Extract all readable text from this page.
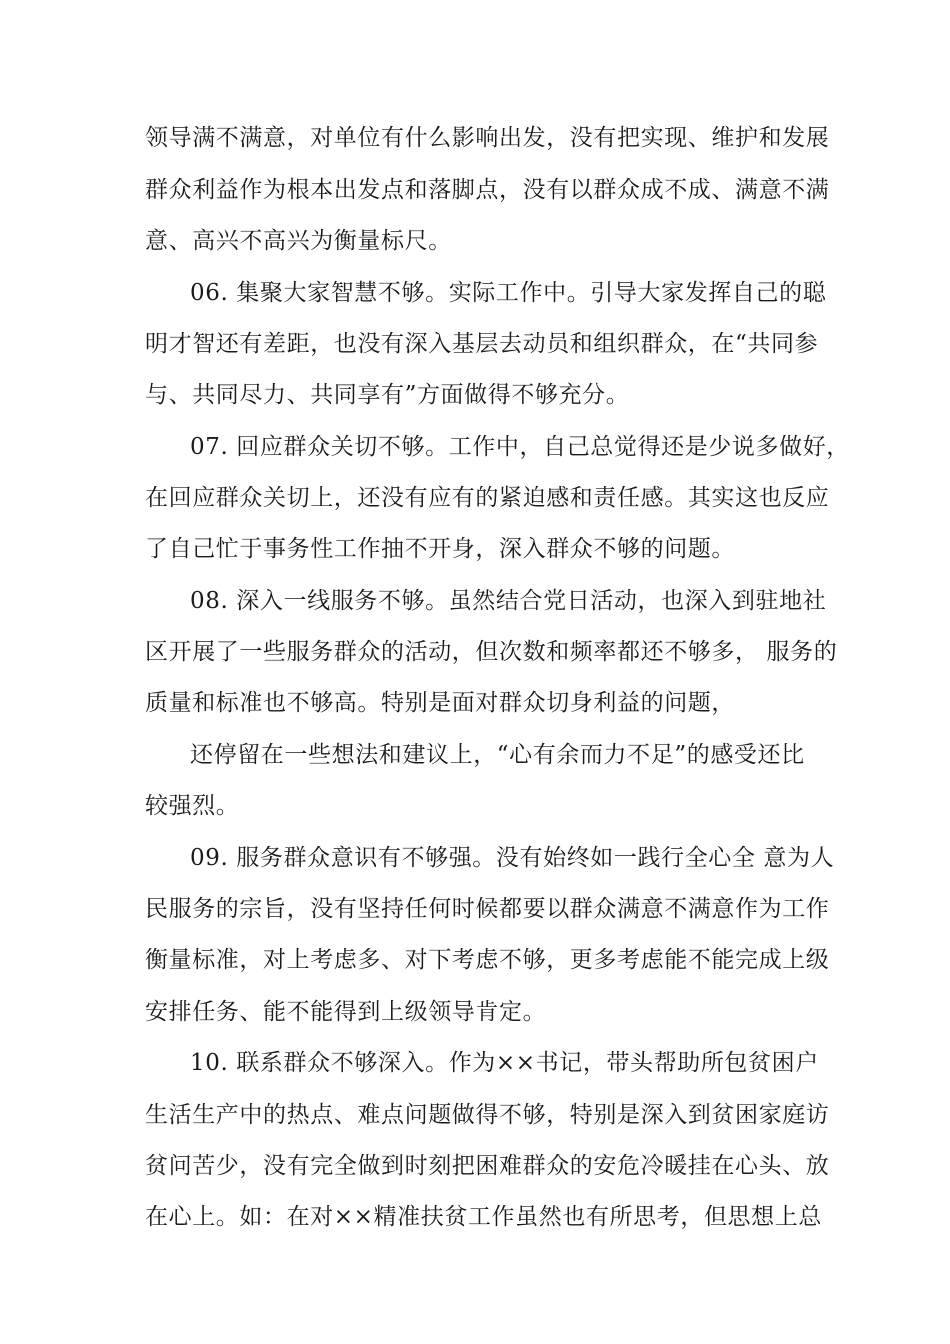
领导满不满意，对单位有什么影响出发，没有把实现、维护和发展
群众利益作为根本出发点和落脚点，没有以群众成不成、满意不满
意、高兴不高兴为衡量标尺。
06. 集聚大家智慧不够。实际工作中。引导大家发挥自己的聪
明才智还有差距，也没有深入基层去动员和组织群众，在“共同参
与、共同尽力、共同享有”方面做得不够充分。
07. 回应群众关切不够。工作中，自己总觉得还是少说多做好，
在回应群众关切上，还没有应有的紧迫感和责任感。其实这也反应
了自己忙于事务性工作抽不开身，深入群众不够的问题。
08. 深入一线服务不够。虽然结合党日活动，也深入到驻地社
区开展了一些服务群众的活动，但次数和频率都还不够多， 服务的
质量和标准也不够高。特别是面对群众切身利益的问题，
还停留在一些想法和建议上，“心有余而力不足”的感受还比
较强烈。
09. 服务群众意识有不够强。没有始终如一践行全心全 意为人
民服务的宗旨，没有坚持任何时候都要以群众满意不满意作为工作
衡量标准，对上考虑多、对下考虑不够，更多考虑能不能完成上级
安排任务、能不能得到上级领导肯定。
10. 联系群众不够深入。作为××书记，带头帮助所包贫困户
生活生产中的热点、难点问题做得不够，特别是深入到贫困家庭访
贫问苦少，没有完全做到时刻把困难群众的安危冷暖挂在心头、放
在心上。如：在对××精准扶贫工作虽然也有所思考，但思想上总
